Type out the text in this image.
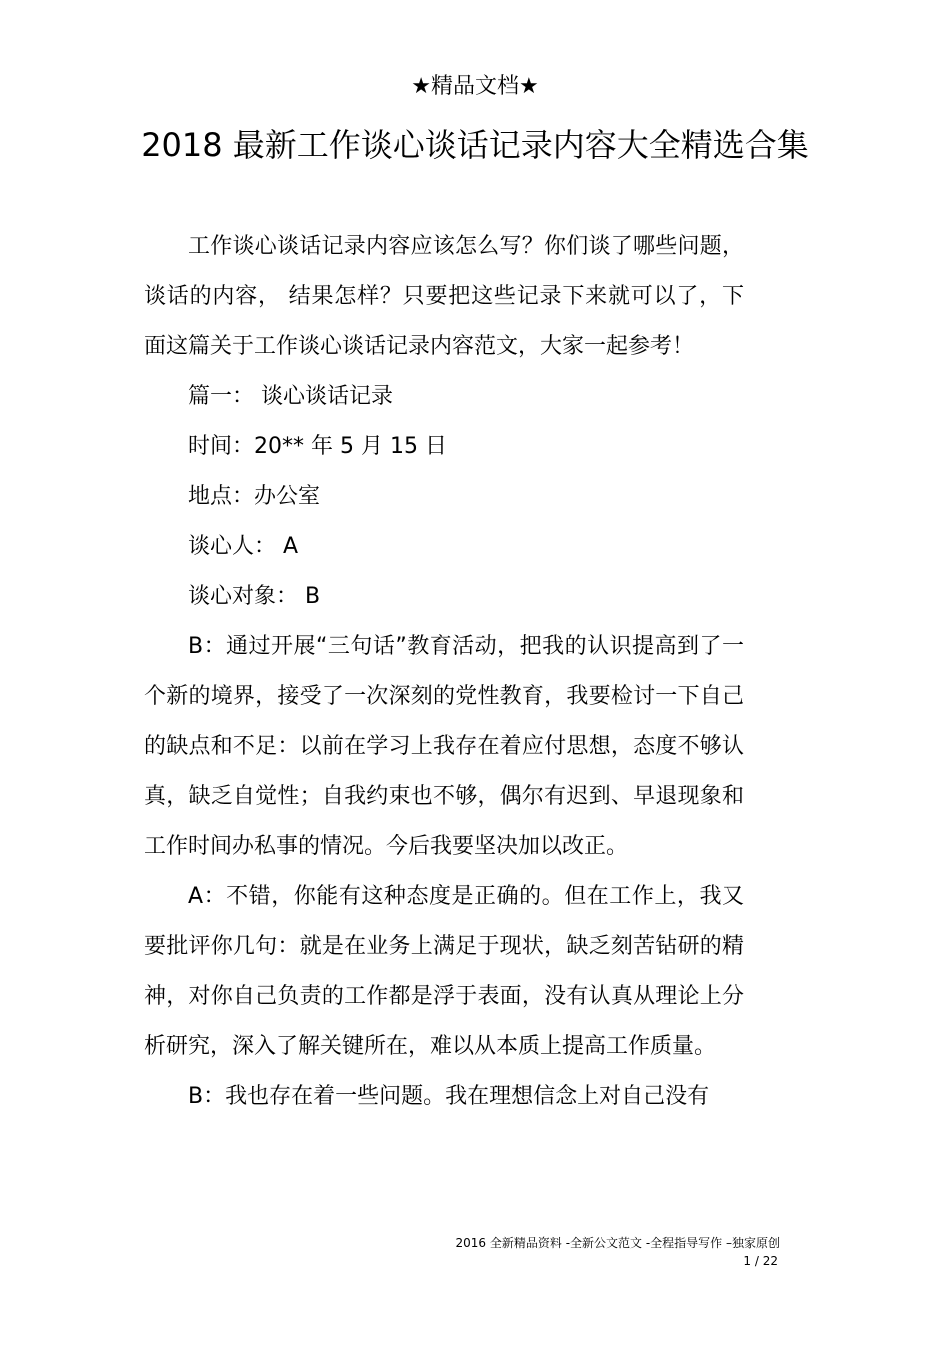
★精品文档★
2018 最新工作谈心谈话记录内容大全精选合集

工作谈心谈话记录内容应该怎么写？你们谈了哪些问题，谈话的内容， 结果怎样？只要把这些记录下来就可以了，下面这篇关于工作谈心谈话记录内容范文，大家一起参考！

篇一： 谈心谈话记录

时间：20** 年 5 月 15 日

地点：办公室

谈心人： A

谈心对象： B

B：通过开展“三句话”教育活动，把我的认识提高到了一个新的境界，接受了一次深刻的党性教育，我要检讨一下自己的缺点和不足：以前在学习上我存在着应付思想，态度不够认真，缺乏自觉性；自我约束也不够，偶尔有迟到、早退现象和工作时间办私事的情况。今后我要坚决加以改正。

A：不错，你能有这种态度是正确的。但在工作上，我又要批评你几句：就是在业务上满足于现状，缺乏刻苦钻研的精神，对你自己负责的工作都是浮于表面，没有认真从理论上分析研究，深入了解关键所在，难以从本质上提高工作质量。

B：我也存在着一些问题。我在理想信念上对自己没有

2016 全新精品资料 -全新公文范文 -全程指导写作 –独家原创
1 / 22
